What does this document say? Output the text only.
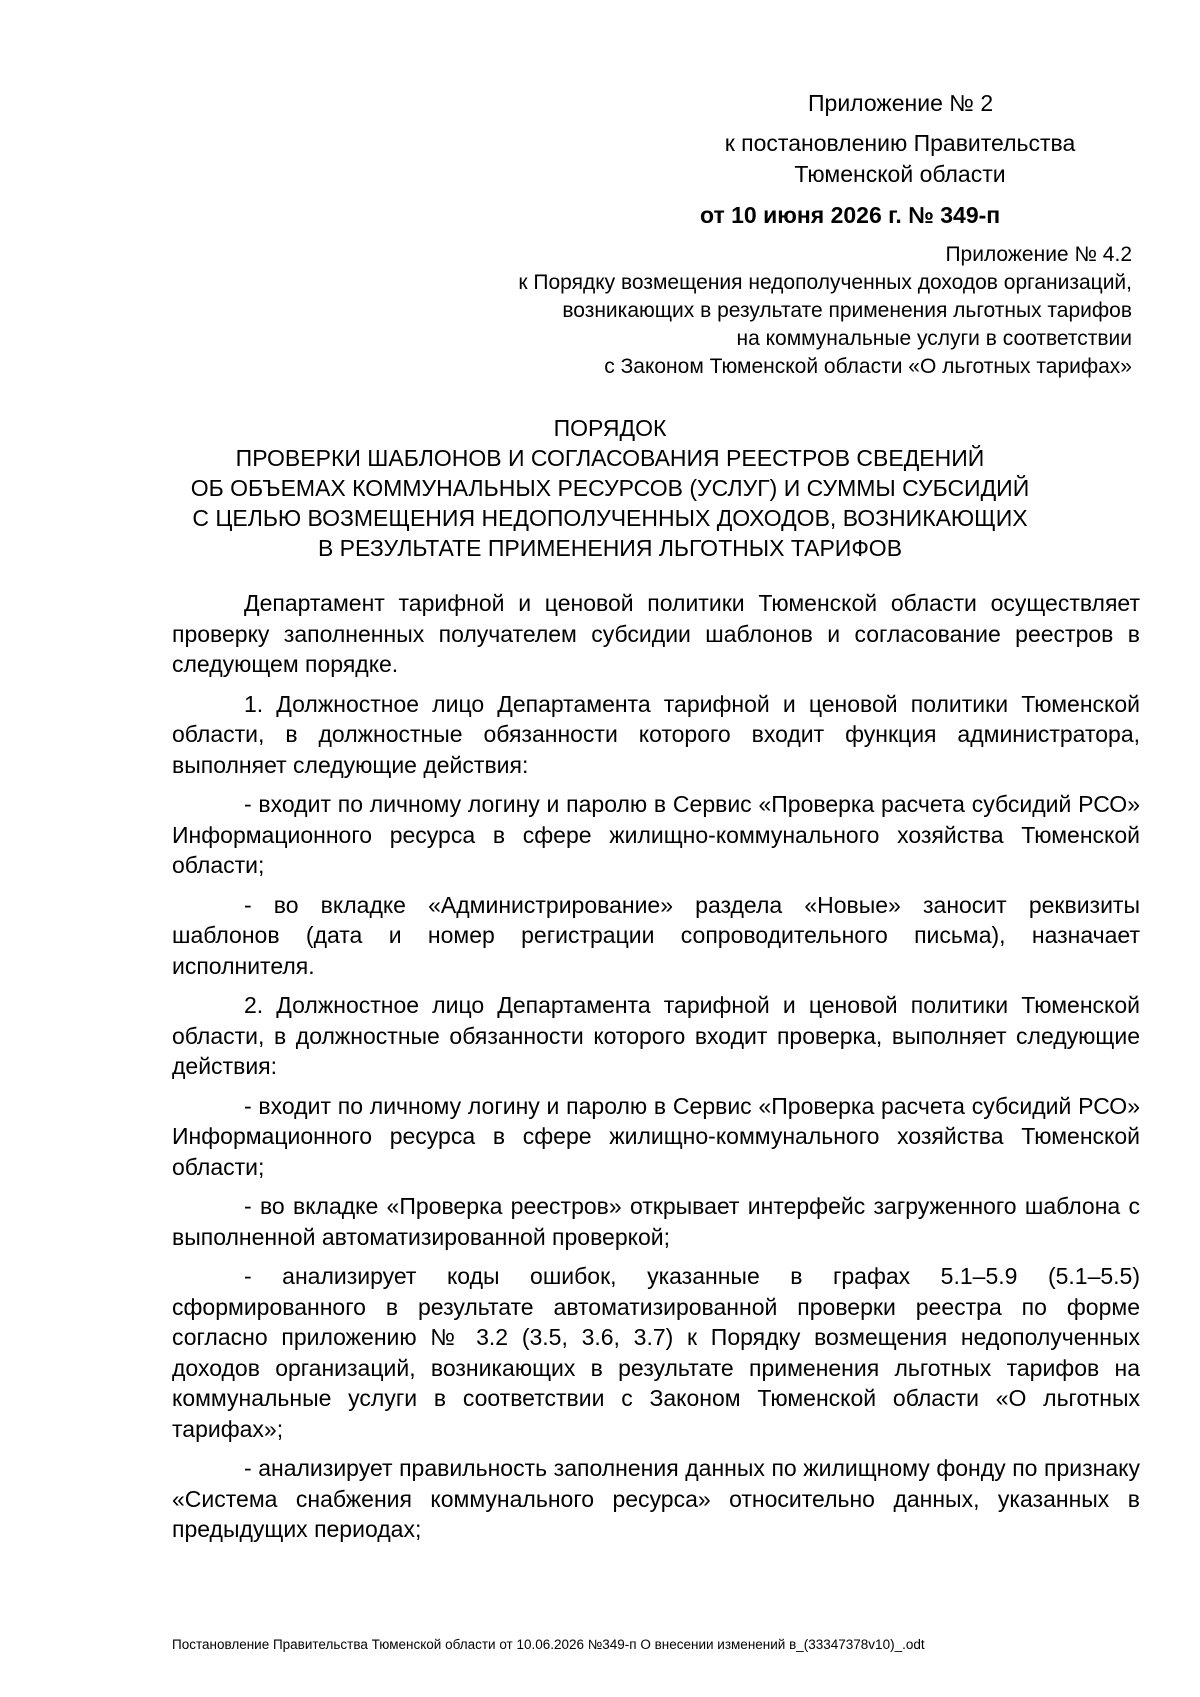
Приложение № 2
к постановлению Правительства
Тюменской области
от 10 июня 2026 г. № 349-п
Приложение № 4.2
к Порядку возмещения недополученных доходов организаций,
возникающих в результате применения льготных тарифов
на коммунальные услуги в соответствии
с Законом Тюменской области «О льготных тарифах»
ПОРЯДОК
ПРОВЕРКИ ШАБЛОНОВ И СОГЛАСОВАНИЯ РЕЕСТРОВ СВЕДЕНИЙ
ОБ ОБЪЕМАХ КОММУНАЛЬНЫХ РЕСУРСОВ (УСЛУГ) И СУММЫ СУБСИДИЙ
С ЦЕЛЬЮ ВОЗМЕЩЕНИЯ НЕДОПОЛУЧЕННЫХ ДОХОДОВ, ВОЗНИКАЮЩИХ
В РЕЗУЛЬТАТЕ ПРИМЕНЕНИЯ ЛЬГОТНЫХ ТАРИФОВ

Департамент тарифной и ценовой политики Тюменской области осуществляет проверку заполненных получателем субсидии шаблонов и согласование реестров в следующем порядке.

1. Должностное лицо Департамента тарифной и ценовой политики Тюменской области, в должностные обязанности которого входит функция администратора, выполняет следующие действия:

- входит по личному логину и паролю в Сервис «Проверка расчета субсидий РСО» Информационного ресурса в сфере жилищно-коммунального хозяйства Тюменской области;

- во вкладке «Администрирование» раздела «Новые» заносит реквизиты шаблонов (дата и номер регистрации сопроводительного письма), назначает исполнителя.

2. Должностное лицо Департамента тарифной и ценовой политики Тюменской области, в должностные обязанности которого входит проверка, выполняет следующие действия:

- входит по личному логину и паролю в Сервис «Проверка расчета субсидий РСО» Информационного ресурса в сфере жилищно-коммунального хозяйства Тюменской области;

- во вкладке «Проверка реестров» открывает интерфейс загруженного шаблона с выполненной автоматизированной проверкой;

- анализирует коды ошибок, указанные в графах 5.1–5.9 (5.1–5.5) сформированного в результате автоматизированной проверки реестра по форме согласно приложению № 3.2 (3.5, 3.6, 3.7) к Порядку возмещения недополученных доходов организаций, возникающих в результате применения льготных тарифов на коммунальные услуги в соответствии с Законом Тюменской области «О льготных тарифах»;

- анализирует правильность заполнения данных по жилищному фонду по признаку «Система снабжения коммунального ресурса» относительно данных, указанных в предыдущих периодах;

Постановление Правительства Тюменской области от 10.06.2026 №349-п О внесении изменений в_(33347378v10)_.odt
